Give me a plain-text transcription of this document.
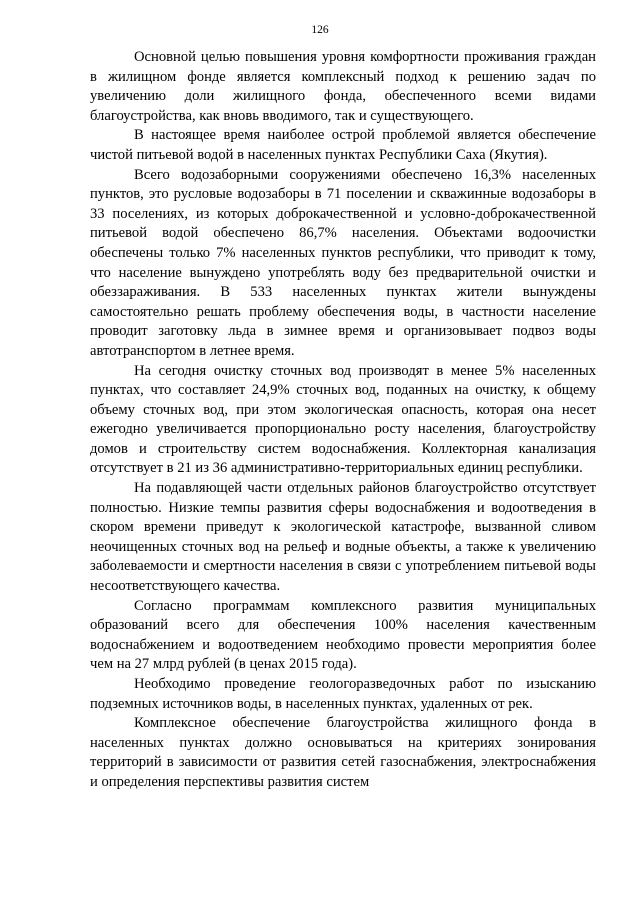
126

Основной целью повышения уровня комфортности проживания граждан в жилищном фонде является комплексный подход к решению задач по увеличению доли жилищного фонда, обеспеченного всеми видами благоустройства, как вновь вводимого, так и существующего.

В настоящее время наиболее острой проблемой является обеспечение чистой питьевой водой в населенных пунктах Республики Саха (Якутия).

Всего водозаборными сооружениями обеспечено 16,3% населенных пунктов, это русловые водозаборы в 71 поселении и скважинные водозаборы в 33 поселениях, из которых доброкачественной и условно-доброкачественной питьевой водой обеспечено 86,7% населения. Объектами водоочистки обеспечены только 7% населенных пунктов республики, что приводит к тому, что население вынуждено употреблять воду без предварительной очистки и обеззараживания. В 533 населенных пунктах жители вынуждены самостоятельно решать проблему обеспечения воды, в частности население проводит заготовку льда в зимнее время и организовывает подвоз воды автотранспортом в летнее время.

На сегодня очистку сточных вод производят в менее 5% населенных пунктах, что составляет 24,9% сточных вод, поданных на очистку, к общему объему сточных вод, при этом экологическая опасность, которая она несет ежегодно увеличивается пропорционально росту населения, благоустройству домов и строительству систем водоснабжения. Коллекторная канализация отсутствует в 21 из 36 административно-территориальных единиц республики.

На подавляющей части отдельных районов благоустройство отсутствует полностью. Низкие темпы развития сферы водоснабжения и водоотведения в скором времени приведут к экологической катастрофе, вызванной сливом неочищенных сточных вод на рельеф и водные объекты, а также к увеличению заболеваемости и смертности населения в связи с употреблением питьевой воды несоответствующего качества.

Согласно программам комплексного развития муниципальных образований всего для обеспечения 100% населения качественным водоснабжением и водоотведением необходимо провести мероприятия более чем на 27 млрд рублей (в ценах 2015 года).

Необходимо проведение геологоразведочных работ по изысканию подземных источников воды, в населенных пунктах, удаленных от рек.

Комплексное обеспечение благоустройства жилищного фонда в населенных пунктах должно основываться на критериях зонирования территорий в зависимости от развития сетей газоснабжения, электроснабжения и определения перспективы развития систем
